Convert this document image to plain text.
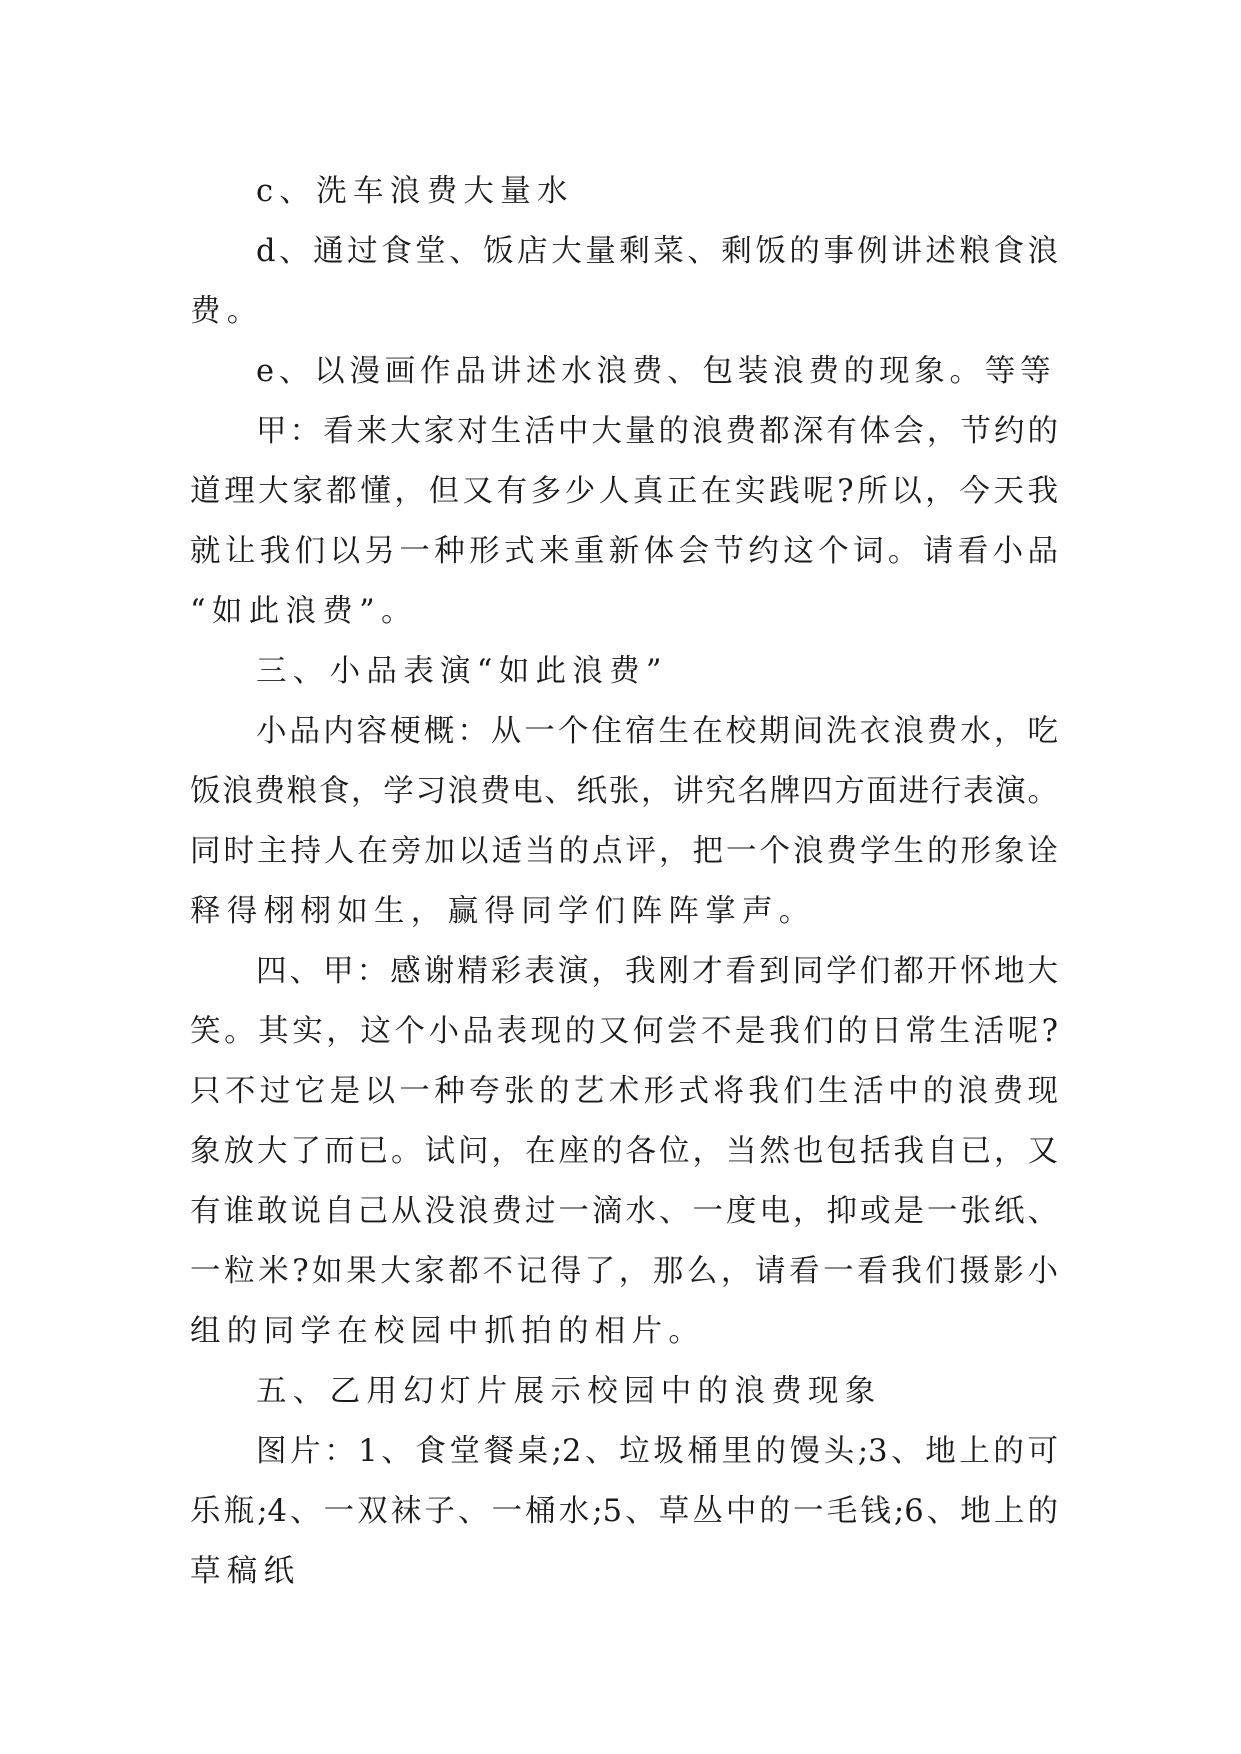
c、洗车浪费大量水
d、通过食堂、饭店大量剩菜、剩饭的事例讲述粮食浪
费。
e、以漫画作品讲述水浪费、包装浪费的现象。等等
甲：看来大家对生活中大量的浪费都深有体会，节约的
道理大家都懂，但又有多少人真正在实践呢?所以，今天我
就让我们以另一种形式来重新体会节约这个词。请看小品
“如此浪费”。
三、小品表演“如此浪费”
小品内容梗概：从一个住宿生在校期间洗衣浪费水，吃
饭浪费粮食，学习浪费电、纸张，讲究名牌四方面进行表演。
同时主持人在旁加以适当的点评，把一个浪费学生的形象诠
释得栩栩如生，赢得同学们阵阵掌声。
四、甲：感谢精彩表演，我刚才看到同学们都开怀地大
笑。其实，这个小品表现的又何尝不是我们的日常生活呢?
只不过它是以一种夸张的艺术形式将我们生活中的浪费现
象放大了而已。试问，在座的各位，当然也包括我自已，又
有谁敢说自己从没浪费过一滴水、一度电，抑或是一张纸、
一粒米?如果大家都不记得了，那么，请看一看我们摄影小
组的同学在校园中抓拍的相片。
五、乙用幻灯片展示校园中的浪费现象
图片：1、食堂餐桌;2、垃圾桶里的馒头;3、地上的可
乐瓶;4、一双袜子、一桶水;5、草丛中的一毛钱;6、地上的
草稿纸
